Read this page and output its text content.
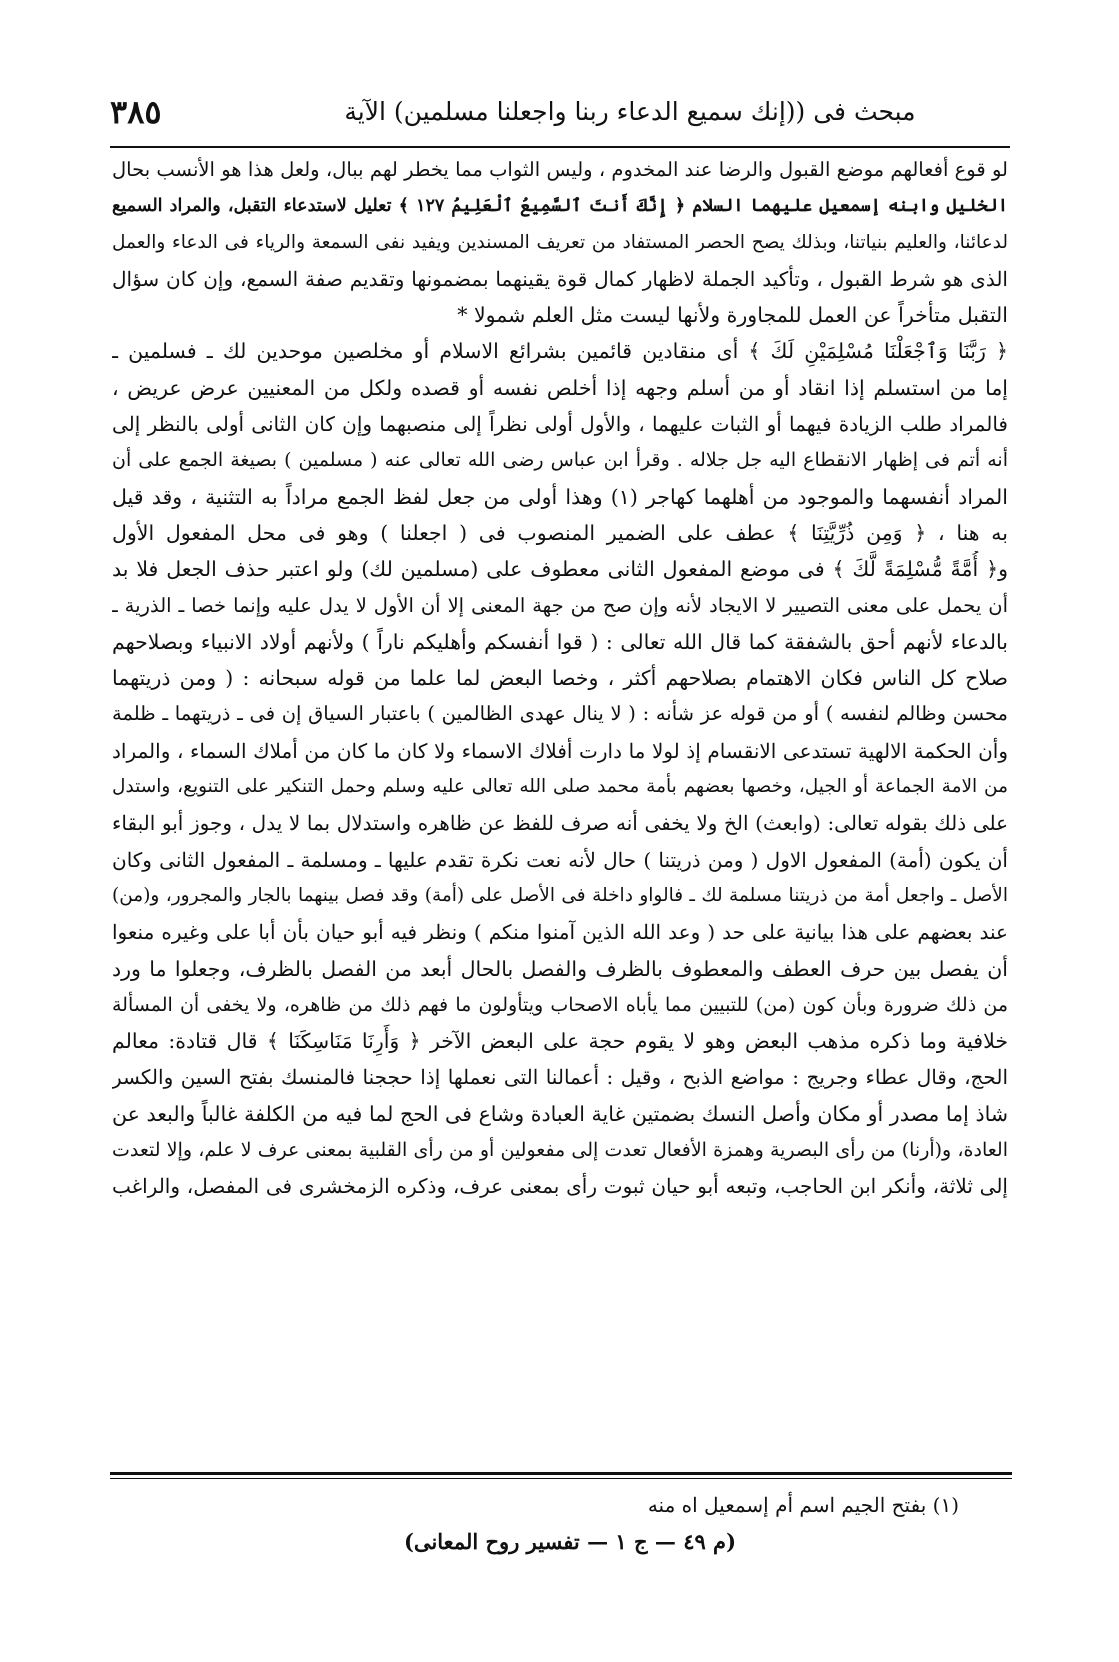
مبحث فى ((إنك سميع الدعاء ربنا واجعلنا مسلمين) الآية
٣٨٥
لو قوع أفعالهم موضع القبول والرضا عند المخدوم ، وليس الثواب مما يخطر لهم ببال، ولعل هذا هو الأنسب بحال
الخليل وابنه إسمعيل عليهما السلام ﴿ إِنَّكَ أَنتَ ٱلسَّمِيعُ ٱلْعَلِيمُ ١٢٧ ﴾ تعليل لاستدعاء التقبل، والمراد السميع
لدعائنا، والعليم بنياتنا، وبذلك يصح الحصر المستفاد من تعريف المسندين ويفيد نفى السمعة والرياء فى الدعاء والعمل
الذى هو شرط القبول ، وتأكيد الجملة لاظهار كمال قوة يقينهما بمضمونها وتقديم صفة السمع، وإن كان سؤال
التقبل متأخراً عن العمل للمجاورة ولأنها ليست مثل العلم شمولا *
﴿ رَبَّنَا وَٱجْعَلْنَا مُسْلِمَيْنِ لَكَ ﴾ أى منقادين قائمين بشرائع الاسلام أو مخلصين موحدين لك ـ فسلمين ـ
إما من استسلم إذا انقاد أو من أسلم وجهه إذا أخلص نفسه أو قصده ولكل من المعنيين عرض عريض ،
فالمراد طلب الزيادة فيهما أو الثبات عليهما ، والأول أولى نظراً إلى منصبهما وإن كان الثانى أولى بالنظر إلى
أنه أتم فى إظهار الانقطاع اليه جل جلاله . وقرأ ابن عباس رضى الله تعالى عنه ( مسلمين ) بصيغة الجمع على أن
المراد أنفسهما والموجود من أهلهما كهاجر (١) وهذا أولى من جعل لفظ الجمع مراداً به التثنية ، وقد قيل
به هنا ، ﴿ وَمِن ذُرِّيَّتِنَا ﴾ عطف على الضمير المنصوب فى ( اجعلنا ) وهو فى محل المفعول الأول
و﴿ أُمَّةً مُّسْلِمَةً لَّكَ ﴾ فى موضع المفعول الثانى معطوف على (مسلمين لك) ولو اعتبر حذف الجعل فلا بد
أن يحمل على معنى التصيير لا الايجاد لأنه وإن صح من جهة المعنى إلا أن الأول لا يدل عليه وإنما خصا ـ الذرية ـ
بالدعاء لأنهم أحق بالشفقة كما قال الله تعالى : ( قوا أنفسكم وأهليكم ناراً ) ولأنهم أولاد الانبياء وبصلاحهم
صلاح كل الناس فكان الاهتمام بصلاحهم أكثر ، وخصا البعض لما علما من قوله سبحانه : ( ومن ذريتهما
محسن وظالم لنفسه ) أو من قوله عز شأنه : ( لا ينال عهدى الظالمين ) باعتبار السياق إن فى ـ ذريتهما ـ ظلمة
وأن الحكمة الالهية تستدعى الانقسام إذ لولا ما دارت أفلاك الاسماء ولا كان ما كان من أملاك السماء ، والمراد
من الامة الجماعة أو الجيل، وخصها بعضهم بأمة محمد صلى الله تعالى عليه وسلم وحمل التنكير على التنويع، واستدل
على ذلك بقوله تعالى: (وابعث) الخ ولا يخفى أنه صرف للفظ عن ظاهره واستدلال بما لا يدل ، وجوز أبو البقاء
أن يكون (أمة) المفعول الاول ( ومن ذريتنا ) حال لأنه نعت نكرة تقدم عليها ـ ومسلمة ـ المفعول الثانى وكان
الأصل ـ واجعل أمة من ذريتنا مسلمة لك ـ فالواو داخلة فى الأصل على (أمة) وقد فصل بينهما بالجار والمجرور، و(من)
عند بعضهم على هذا بيانية على حد ( وعد الله الذين آمنوا منكم ) ونظر فيه أبو حيان بأن أبا على وغيره منعوا
أن يفصل بين حرف العطف والمعطوف بالظرف والفصل بالحال أبعد من الفصل بالظرف، وجعلوا ما ورد
من ذلك ضرورة وبأن كون (من) للتبيين مما يأباه الاصحاب ويتأولون ما فهم ذلك من ظاهره، ولا يخفى أن المسألة
خلافية وما ذكره مذهب البعض وهو لا يقوم حجة على البعض الآخر ﴿ وَأَرِنَا مَنَاسِكَنَا ﴾ قال قتادة: معالم
الحج، وقال عطاء وجريج : مواضع الذبح ، وقيل : أعمالنا التى نعملها إذا حججنا فالمنسك بفتح السين والكسر
شاذ إما مصدر أو مكان وأصل النسك بضمتين غاية العبادة وشاع فى الحج لما فيه من الكلفة غالباً والبعد عن
العادة، و(أرنا) من رأى البصرية وهمزة الأفعال تعدت إلى مفعولين أو من رأى القلبية بمعنى عرف لا علم، وإلا لتعدت
إلى ثلاثة، وأنكر ابن الحاجب، وتبعه أبو حيان ثبوت رأى بمعنى عرف، وذكره الزمخشرى فى المفصل، والراغب
(١) بفتح الجيم اسم أم إسمعيل اه منه
(م ٤٩ — ج ١ — تفسير روح المعانى)
